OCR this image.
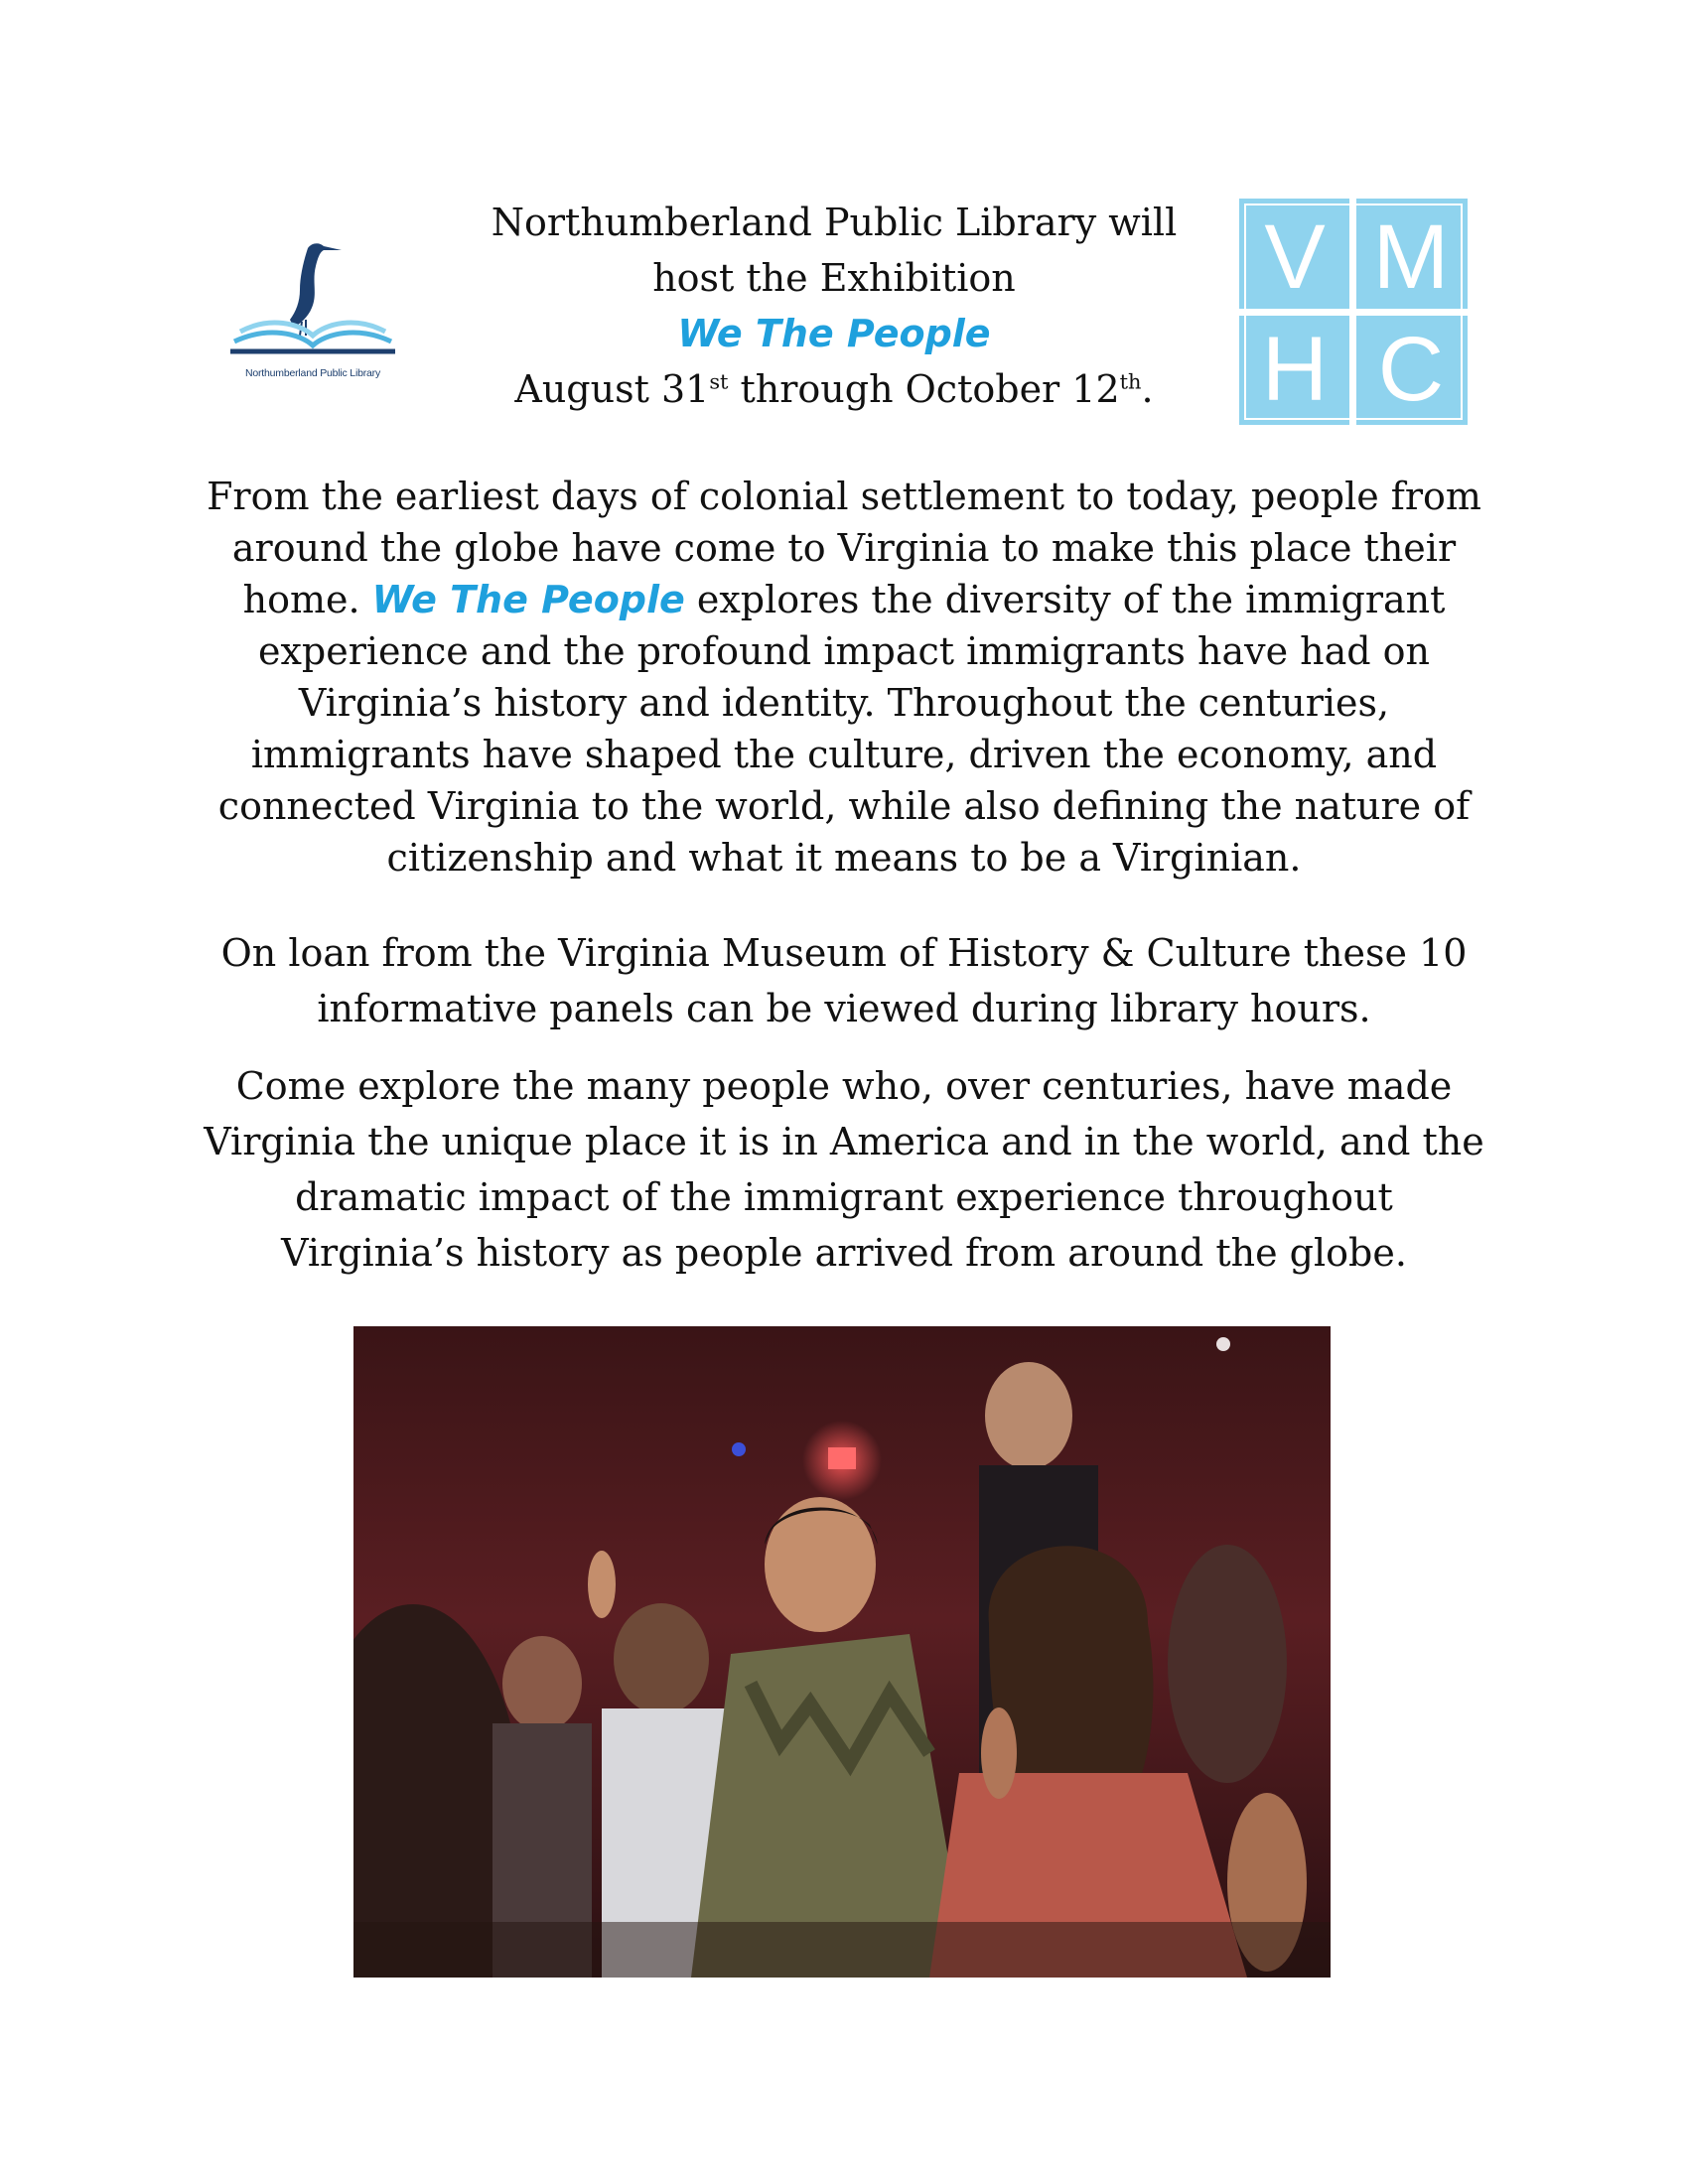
Northumberland Public Library
Northumberland Public Library will
host the Exhibition
We The People
August 31st through October 12th.
V M
H C
From the earliest days of colonial settlement to today, people from around the globe have come to Virginia to make this place their home. We The People explores the diversity of the immigrant experience and the profound impact immigrants have had on Virginia’s history and identity. Throughout the centuries, immigrants have shaped the culture, driven the economy, and connected Virginia to the world, while also defining the nature of citizenship and what it means to be a Virginian.
On loan from the Virginia Museum of History & Culture these 10 informative panels can be viewed during library hours.
Come explore the many people who, over centuries, have made Virginia the unique place it is in America and in the world, and the dramatic impact of the immigrant experience throughout Virginia’s history as people arrived from around the globe.
